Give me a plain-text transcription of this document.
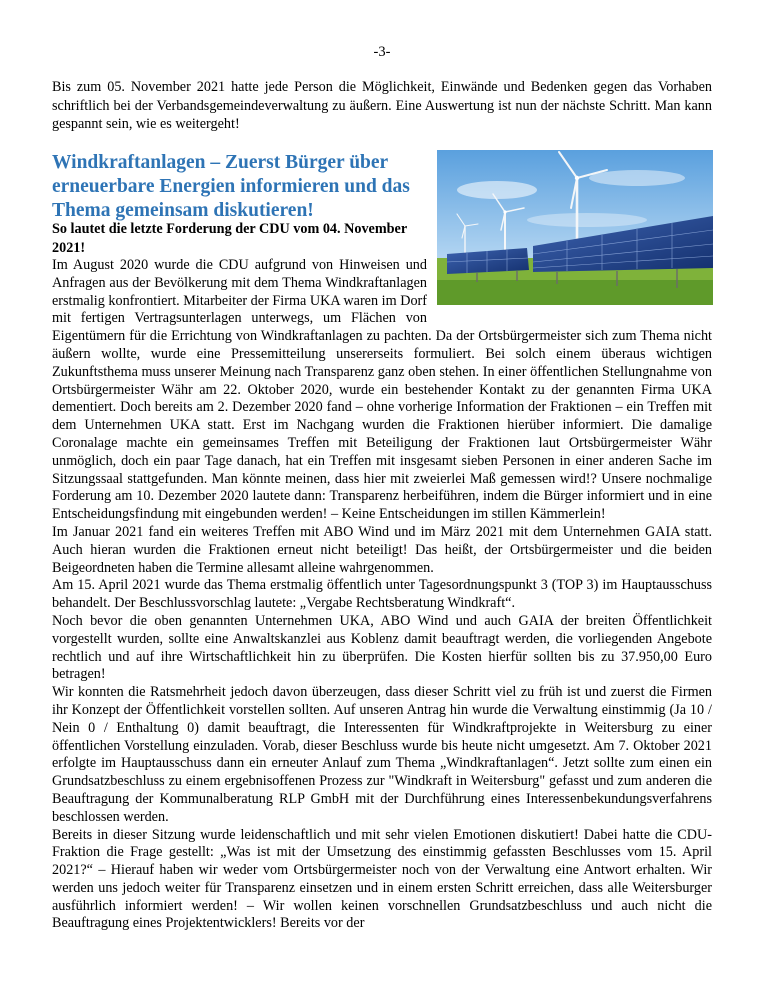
-3-
Bis zum 05. November 2021 hatte jede Person die Möglichkeit, Einwände und Bedenken gegen das Vorhaben schriftlich bei der Verbandsgemeindeverwaltung zu äußern. Eine Auswertung ist nun der nächste Schritt. Man kann gespannt sein, wie es weitergeht!
Windkraftanlagen – Zuerst Bürger über erneuerbare Energien informieren und das Thema gemeinsam diskutieren!
So lautet die letzte Forderung der CDU vom 04. November 2021!

Im August 2020 wurde die CDU aufgrund von Hinweisen und Anfragen aus der Bevölkerung mit dem Thema Windkraftanlagen erstmalig konfrontiert. Mitarbeiter der Firma UKA waren im Dorf mit fertigen Vertragsunterlagen unterwegs, um Flächen von Eigentümern für die Errichtung von Windkraftanlagen zu pachten. Da der Ortsbürgermeister sich zum Thema nicht äußern wollte, wurde eine Pressemitteilung unsererseits formuliert. Bei solch einem überaus wichtigen Zukunftsthema muss unserer Meinung nach Transparenz ganz oben stehen. In einer öffentlichen Stellungnahme von Ortsbürgermeister Währ am 22. Oktober 2020, wurde ein bestehender Kontakt zu der genannten Firma UKA dementiert. Doch bereits am 2. Dezember 2020 fand – ohne vorherige Information der Fraktionen – ein Treffen mit dem Unternehmen UKA statt. Erst im Nachgang wurden die Fraktionen hierüber informiert. Die damalige Coronalage machte ein gemeinsames Treffen mit Beteiligung der Fraktionen laut Ortsbürgermeister Währ unmöglich, doch ein paar Tage danach, hat ein Treffen mit insgesamt sieben Personen in einer anderen Sache im Sitzungssaal stattgefunden. Man könnte meinen, dass hier mit zweierlei Maß gemessen wird!? Unsere nochmalige Forderung am 10. Dezember 2020 lautete dann: Transparenz herbeiführen, indem die Bürger informiert und in eine Entscheidungsfindung mit eingebunden werden! – Keine Entscheidungen im stillen Kämmerlein!

Im Januar 2021 fand ein weiteres Treffen mit ABO Wind und im März 2021 mit dem Unternehmen GAIA statt. Auch hieran wurden die Fraktionen erneut nicht beteiligt! Das heißt, der Ortsbürgermeister und die beiden Beigeordneten haben die Termine allesamt alleine wahrgenommen.

Am 15. April 2021 wurde das Thema erstmalig öffentlich unter Tagesordnungspunkt 3 (TOP 3) im Hauptausschuss behandelt. Der Beschlussvorschlag lautete: „Vergabe Rechtsberatung Windkraft“.

Noch bevor die oben genannten Unternehmen UKA, ABO Wind und auch GAIA der breiten Öffentlichkeit vorgestellt wurden, sollte eine Anwaltskanzlei aus Koblenz damit beauftragt werden, die vorliegenden Angebote rechtlich und auf ihre Wirtschaftlichkeit hin zu überprüfen. Die Kosten hierfür sollten bis zu 37.950,00 Euro betragen!

Wir konnten die Ratsmehrheit jedoch davon überzeugen, dass dieser Schritt viel zu früh ist und zuerst die Firmen ihr Konzept der Öffentlichkeit vorstellen sollten. Auf unseren Antrag hin wurde die Verwaltung einstimmig (Ja 10 / Nein 0 / Enthaltung 0) damit beauftragt, die Interessenten für Windkraftprojekte in Weitersburg zu einer öffentlichen Vorstellung einzuladen. Vorab, dieser Beschluss wurde bis heute nicht umgesetzt. Am 7. Oktober 2021 erfolgte im Hauptausschuss dann ein erneuter Anlauf zum Thema „Windkraftanlagen“. Jetzt sollte zum einen ein Grundsatzbeschluss zu einem ergebnisoffenen Prozess zur "Windkraft in Weitersburg" gefasst und zum anderen die Beauftragung der Kommunalberatung RLP GmbH mit der Durchführung eines Interessenbekundungsverfahrens beschlossen werden.

Bereits in dieser Sitzung wurde leidenschaftlich und mit sehr vielen Emotionen diskutiert! Dabei hatte die CDU-Fraktion die Frage gestellt: „Was ist mit der Umsetzung des einstimmig gefassten Beschlusses vom 15. April 2021?“ – Hierauf haben wir weder vom Ortsbürgermeister noch von der Verwaltung eine Antwort erhalten. Wir werden uns jedoch weiter für Transparenz einsetzen und in einem ersten Schritt erreichen, dass alle Weitersburger ausführlich informiert werden! – Wir wollen keinen vorschnellen Grundsatzbeschluss und auch nicht die Beauftragung eines Projektentwicklers! Bereits vor der
